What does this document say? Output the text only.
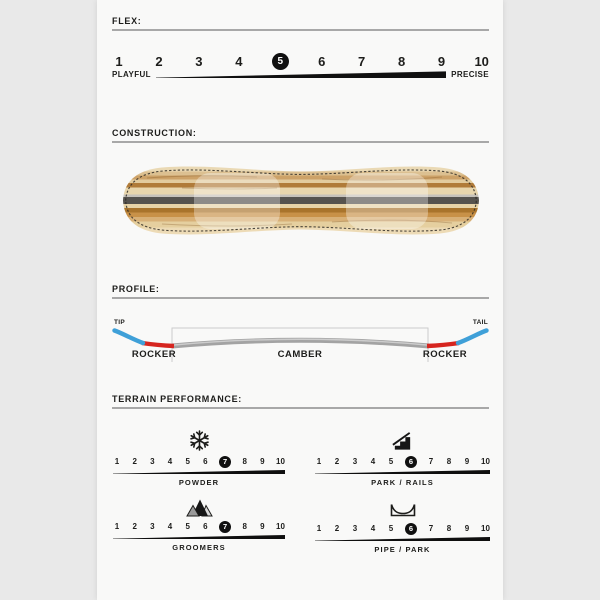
FLEX:
1	2	3	4	5	6	7	8	9 10
PLAYFUL	PRECISE
CONSTRUCTION:
PROFILE:
TIP	TAIL
ROCKER	CAMBER	ROCKER
TERRAIN PERFORMANCE:
1 2 3 4 5 6	7	8 9 10
POWDER
1 2 3 4 5	6	7 8 9 10
PARK / RAILS
1 2 3 4 5 6	7	8 9 10
GROOMERS
1 2 3 4 5	6	7 8 9 10
PIPE / PARK
